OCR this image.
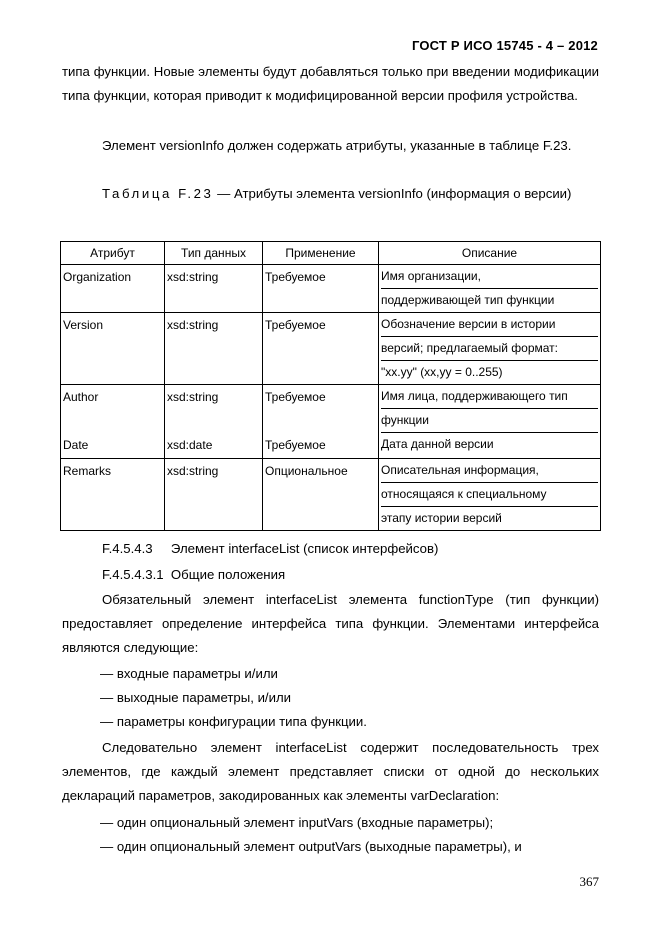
ГОСТ Р ИСО 15745 - 4 – 2012
типа функции. Новые элементы будут добавляться только при введении модификации типа функции, которая приводит к модифицированной версии профиля устройства.
Элемент versionInfo должен содержать атрибуты, указанные в таблице F.23.
Таблица F.23 — Атрибуты элемента versionInfo (информация о версии)
Атрибут	Тип данных	Применение	Описание
Organization	xsd:string	Требуемое	Имя организации,
поддерживающей тип функции

Version	xsd:string	Требуемое	Обозначение версии в истории
версий; предлагаемый формат:
"xx.yy" (xx,yy = 0..255)

Author	xsd:string	Требуемое	Имя лица, поддерживающего тип
функции

Date	xsd:date	Требуемое	Дата данной версии

Remarks	xsd:string	Опциональное	Описательная информация,
относящаяся к специальному
этапу истории версий
F.4.5.4.3     Элемент interfaceList (список интерфейсов)
F.4.5.4.3.1  Общие положения
Обязательный элемент interfaceList элемента functionType (тип функции) предоставляет определение интерфейса типа функции. Элементами интерфейса являются следующие:
— входные параметры и/или
— выходные параметры, и/или
— параметры конфигурации типа функции.
Следовательно элемент interfaceList содержит последовательность трех элементов, где каждый элемент представляет списки от одной до нескольких деклараций параметров, закодированных как элементы varDeclaration:
— один опциональный элемент inputVars (входные параметры);
— один опциональный элемент outputVars (выходные параметры), и
367
